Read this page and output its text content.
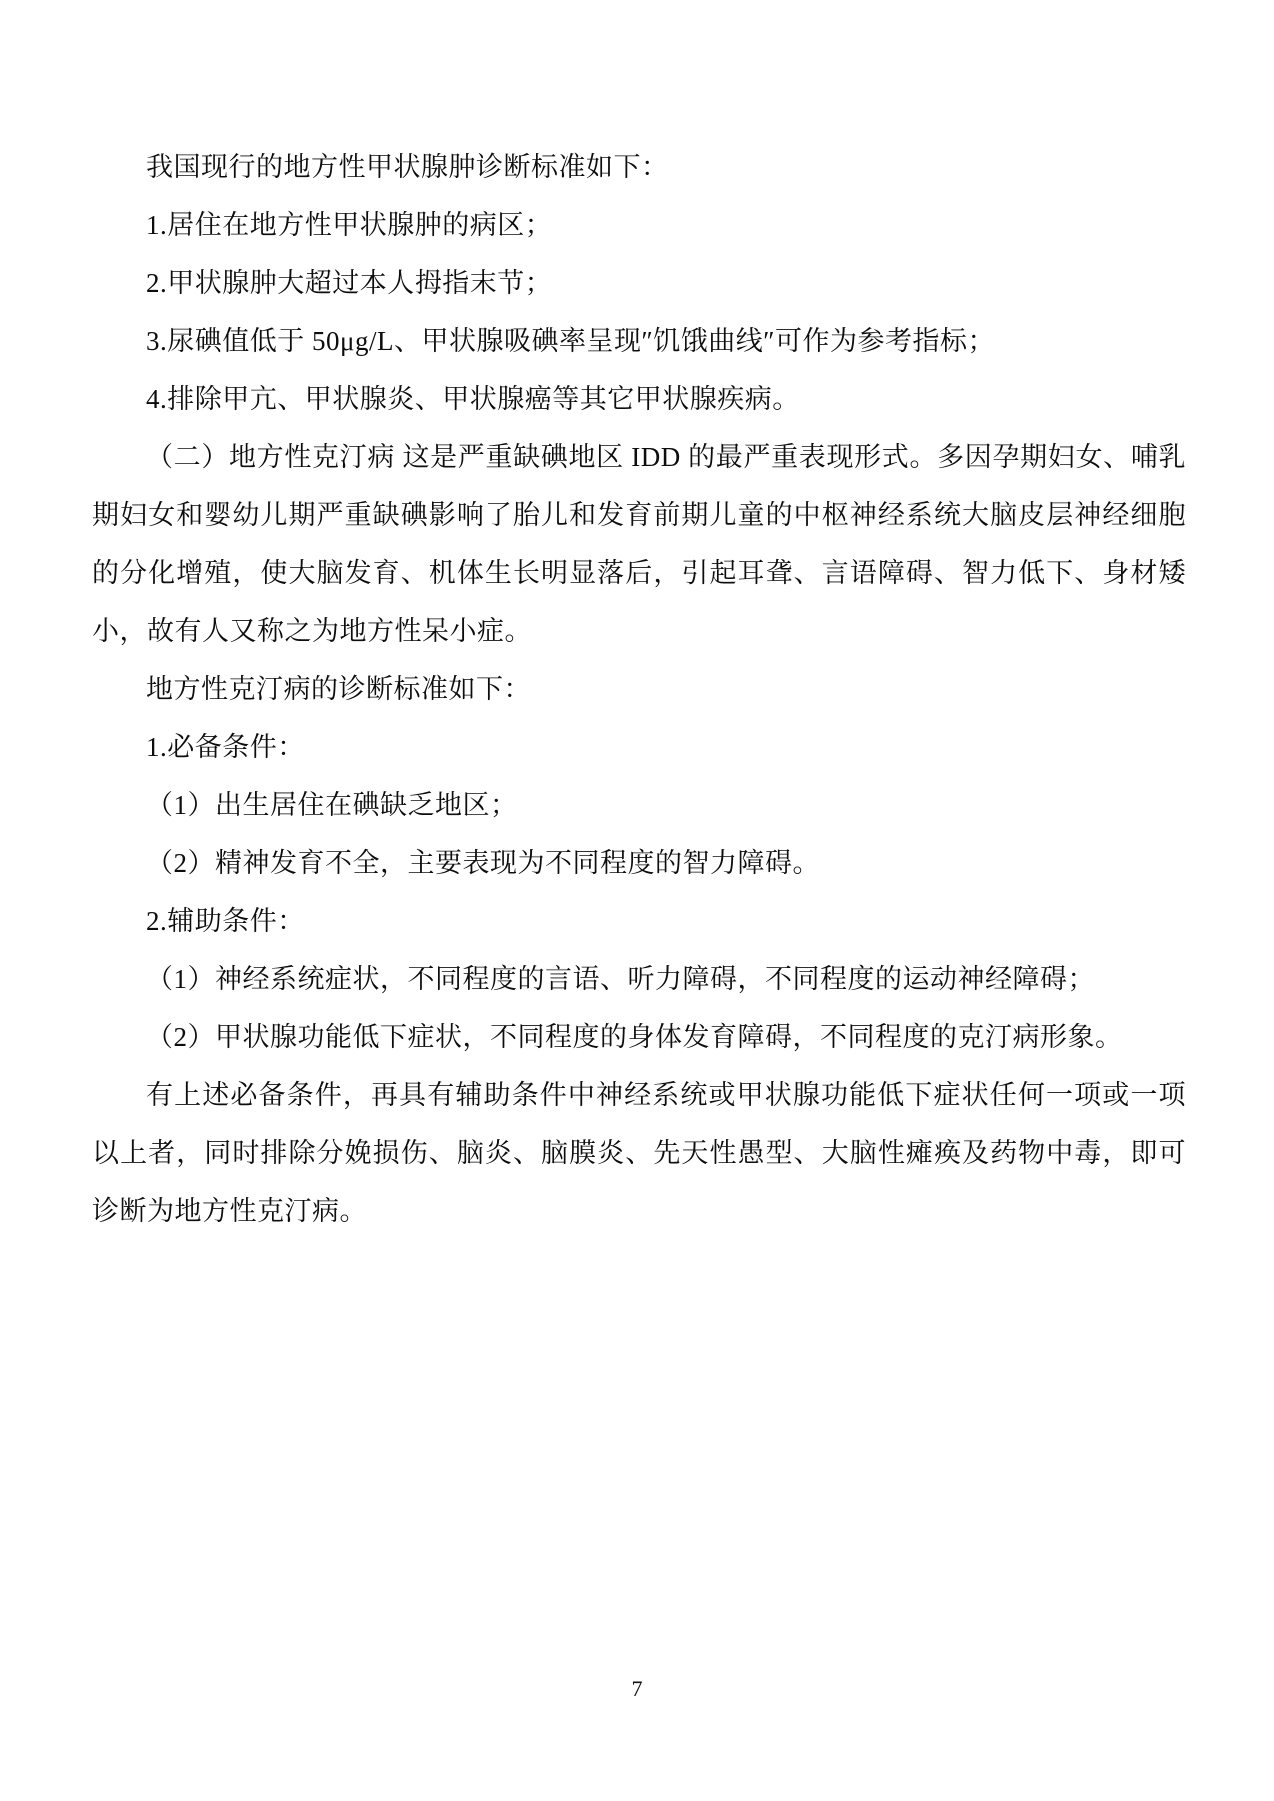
我国现行的地方性甲状腺肿诊断标准如下：

1.居住在地方性甲状腺肿的病区；

2.甲状腺肿大超过本人拇指末节；

3.尿碘值低于 50μg/L、甲状腺吸碘率呈现″饥饿曲线″可作为参考指标；

4.排除甲亢、甲状腺炎、甲状腺癌等其它甲状腺疾病。

（二）地方性克汀病 这是严重缺碘地区 IDD 的最严重表现形式。多因孕期妇女、哺乳期妇女和婴幼儿期严重缺碘影响了胎儿和发育前期儿童的中枢神经系统大脑皮层神经细胞的分化增殖，使大脑发育、机体生长明显落后，引起耳聋、言语障碍、智力低下、身材矮小，故有人又称之为地方性呆小症。

地方性克汀病的诊断标准如下：

1.必备条件：

（1）出生居住在碘缺乏地区；

（2）精神发育不全，主要表现为不同程度的智力障碍。

2.辅助条件：

（1）神经系统症状，不同程度的言语、听力障碍，不同程度的运动神经障碍；

（2）甲状腺功能低下症状，不同程度的身体发育障碍，不同程度的克汀病形象。

有上述必备条件，再具有辅助条件中神经系统或甲状腺功能低下症状任何一项或一项以上者，同时排除分娩损伤、脑炎、脑膜炎、先天性愚型、大脑性瘫痪及药物中毒，即可诊断为地方性克汀病。

7
